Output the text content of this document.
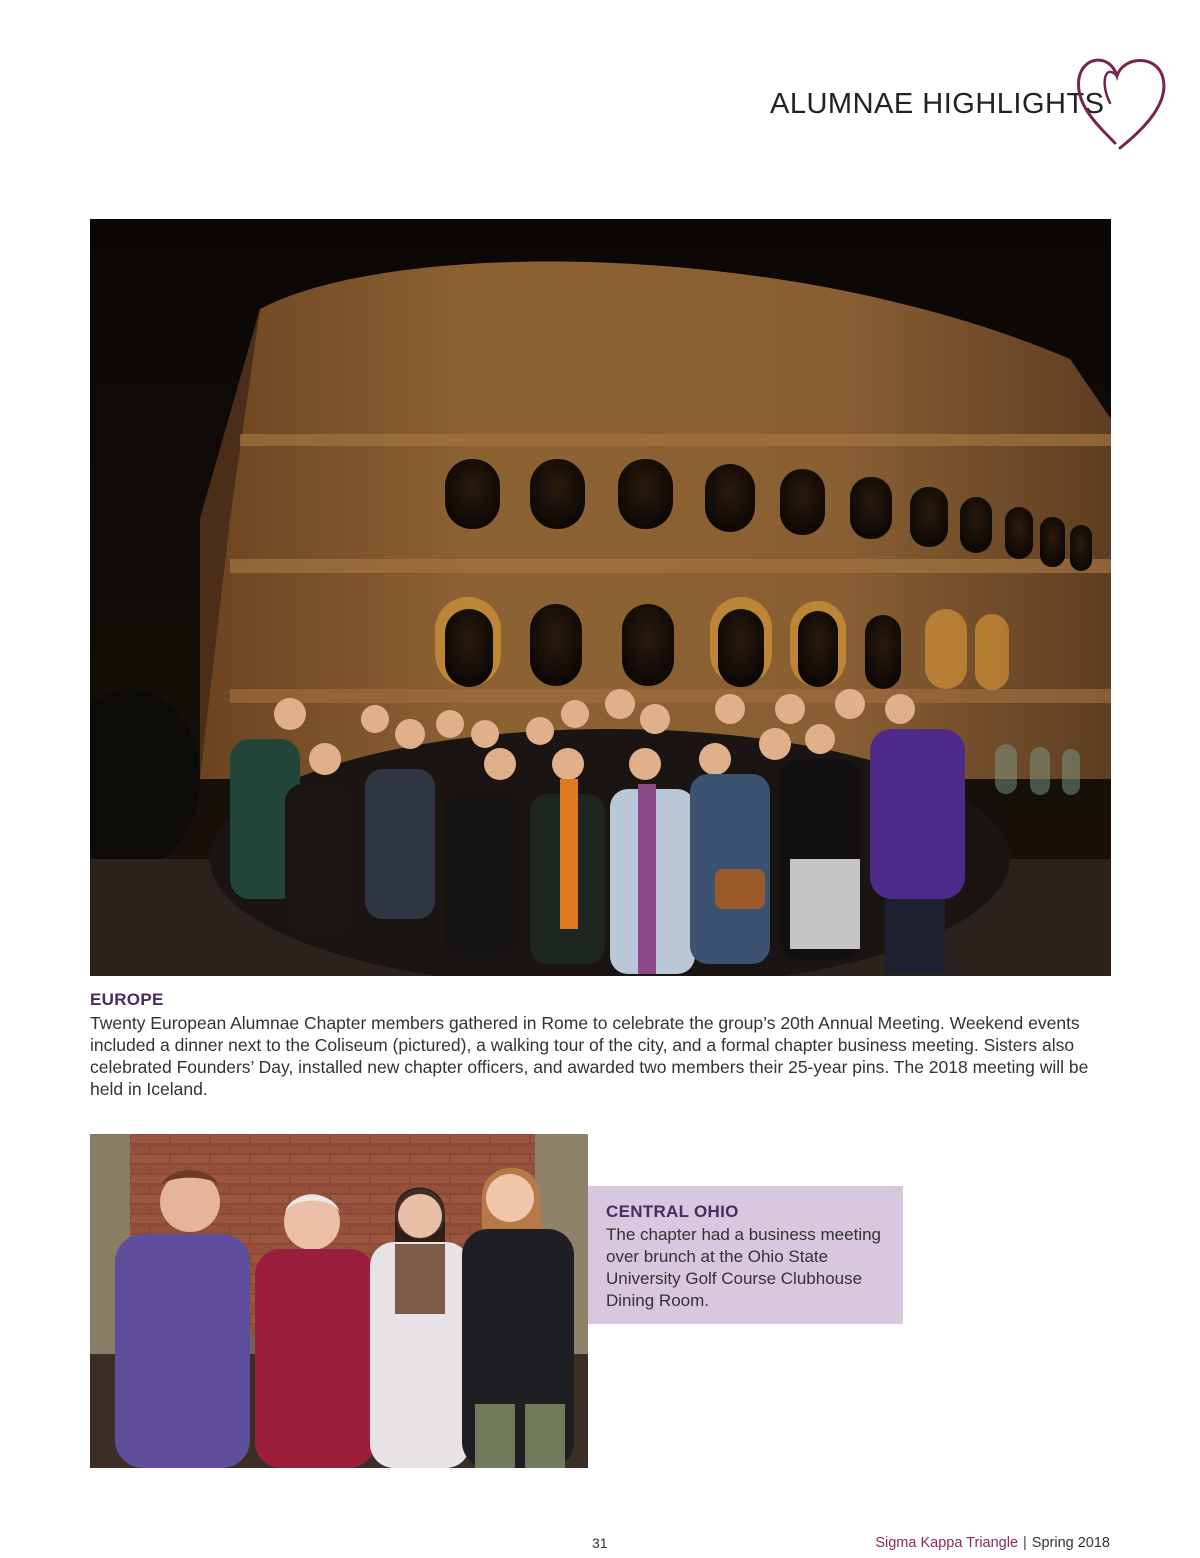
ALUMNAE HIGHLIGHTS
EUROPE
Twenty European Alumnae Chapter members gathered in Rome to celebrate the group’s 20th Annual Meeting. Weekend events included a dinner next to the Coliseum (pictured), a walking tour of the city, and a formal chapter business meeting. Sisters also celebrated Founders’ Day, installed new chapter officers, and awarded two members their 25-year pins. The 2018 meeting will be held in Iceland.
CENTRAL OHIO
The chapter had a business meeting over brunch at the Ohio State University Golf Course Clubhouse Dining Room.
31	Sigma Kappa Triangle | Spring 2018
